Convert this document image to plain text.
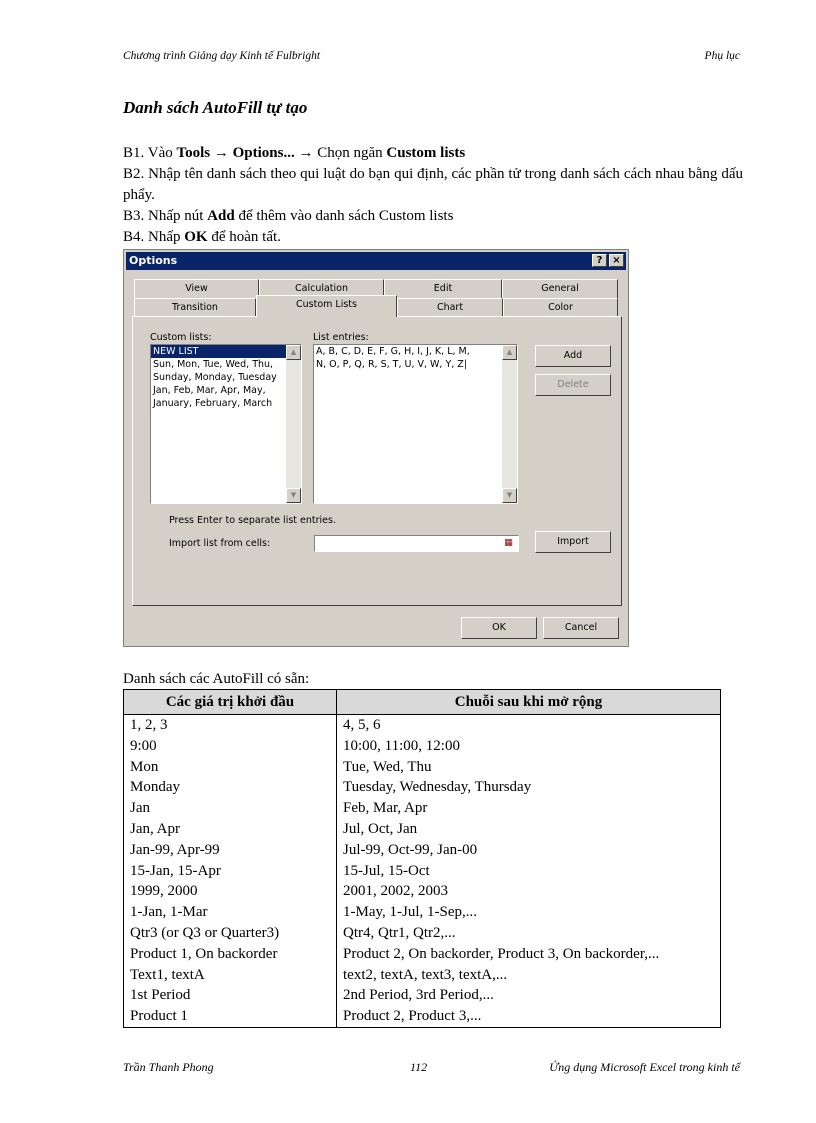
Chương trình Giảng dạy Kinh tế Fulbright	Phụ lục
Danh sách AutoFill tự tạo

B1. Vào Tools → Options... → Chọn ngăn Custom lists

B2. Nhập tên danh sách theo qui luật do bạn qui định, các phần tử trong danh sách cách nhau bằng dấu phẩy.

B3. Nhấp nút Add để thêm vào danh sách Custom lists

B4. Nhấp OK để hoàn tất.

Options	? ×
View	Calculation	Edit	General
Transition	Custom Lists	Chart	Color
Custom lists:
NEW LIST
Sun, Mon, Tue, Wed, Thu,
Sunday, Monday, Tuesday
Jan, Feb, Mar, Apr, May,
January, February, March
▲
▼
List entries:
A, B, C, D, E, F, G, H, I, J, K, L, M,
N, O, P, Q, R, S, T, U, V, W, Y, Z|
▲
▼
Add
Delete
Press Enter to separate list entries.
Import list from cells:	▦	Import
OK	Cancel
Danh sách các AutoFill có sẵn:
Các giá trị khởi đầu	Chuỗi sau khi mở rộng
1, 2, 3	4, 5, 6
9:00	10:00, 11:00, 12:00
Mon	Tue, Wed, Thu
Monday	Tuesday, Wednesday, Thursday
Jan	Feb, Mar, Apr
Jan, Apr	Jul, Oct, Jan
Jan-99, Apr-99	Jul-99, Oct-99, Jan-00
15-Jan, 15-Apr	15-Jul, 15-Oct
1999, 2000	2001, 2002, 2003
1-Jan, 1-Mar	1-May, 1-Jul, 1-Sep,...
Qtr3 (or Q3 or Quarter3)	Qtr4, Qtr1, Qtr2,...
Product 1, On backorder	Product 2, On backorder, Product 3, On backorder,...
Text1, textA	text2, textA, text3, textA,...
1st Period	2nd Period, 3rd Period,...
Product 1	Product 2, Product 3,...
Trần Thanh Phong	112	Ứng dụng Microsoft Excel trong kinh tế
